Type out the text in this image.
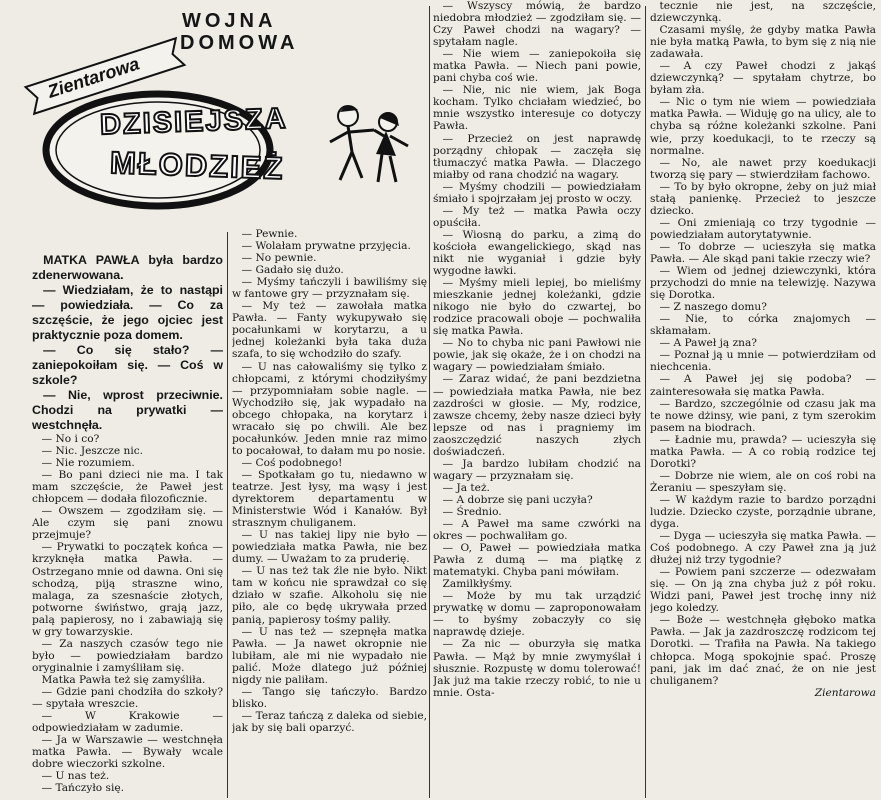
WOJNA
DOMOWA
Zientarowa
DZISIEJSZA
MŁODZIEŻ

MATKA PAWŁA była bardzo zdenerwowana.

— Wiedziałam, że to nastąpi — powiedziała. — Co za szczęście, że jego ojciec jest praktycznie poza domem.

— Co się stało? — zaniepokoiłam się. — Coś w szkole?

— Nie, wprost przeciwnie. Chodzi na prywatki — westchnęła.

— No i co?

— Nic. Jeszcze nic.

— Nie rozumiem.

— Bo pani dzieci nie ma. I tak mam szczęście, że Paweł jest chłopcem — dodała filozoficznie.

— Owszem — zgodziłam się. — Ale czym się pani znowu przejmuje?

— Prywatki to początek końca — krzyknęła matka Pawła. — Ostrzegano mnie od dawna. Oni się schodzą, piją straszne wino, malaga, za szesnaście złotych, potworne świństwo, grają jazz, palą papierosy, no i zabawiają się w gry towarzyskie.

— Za naszych czasów tego nie było — powiedziałam bardzo oryginalnie i zamyśliłam się.

Matka Pawła też się zamyśliła.

— Gdzie pani chodziła do szkoły? — spytała wreszcie.

— W Krakowie — odpowiedziałam w zadumie.

— Ja w Warszawie — westchnęła matka Pawła. — Bywały wcale dobre wieczorki szkolne.

— U nas też.

— Tańczyło się.

— Pewnie.

— Wolałam prywatne przyjęcia.

— No pewnie.

— Gadało się dużo.

— Myśmy tańczyli i bawiliśmy się w fantowe gry — przyznałam się.

— My też — zawołała matka Pawła. — Fanty wykupywało się pocałunkami w korytarzu, a u jednej koleżanki była taka duża szafa, to się wchodziło do szafy.

— U nas całowaliśmy się tylko z chłopcami, z którymi chodziłyśmy — przypomniałam sobie nagle. — Wychodziło się, jak wypadało na obcego chłopaka, na korytarz i wracało się po chwili. Ale bez pocałunków. Jeden mnie raz mimo to pocałował, to dałam mu po nosie.

— Coś podobnego!

— Spotkałam go tu, niedawno w teatrze. Jest łysy, ma wąsy i jest dyrektorem departamentu w Ministerstwie Wód i Kanałów. Był strasznym chuliganem.

— U nas takiej lipy nie było — powiedziała matka Pawła, nie bez dumy. — Uważam to za pruderię.

— U nas też tak źle nie było. Nikt tam w końcu nie sprawdzał co się działo w szafie. Alkoholu się nie piło, ale co będę ukrywała przed panią, papierosy tośmy paliły.

— U nas też — szepnęła matka Pawła. — Ja nawet okropnie nie lubiłam, ale mi nie wypadało nie palić. Może dlatego już później nigdy nie paliłam.

— Tango się tańczyło. Bardzo blisko.

— Teraz tańczą z daleka od siebie, jak by się bali oparzyć.

— Wszyscy mówią, że bardzo niedobra młodzież — zgodziłam się. — Czy Paweł chodzi na wagary? — spytałam nagle.

— Nie wiem — zaniepokoiła się matka Pawła. — Niech pani powie, pani chyba coś wie.

— Nie, nic nie wiem, jak Boga kocham. Tylko chciałam wiedzieć, bo mnie wszystko interesuje co dotyczy Pawła.

— Przecież on jest naprawdę porządny chłopak — zaczęła się tłumaczyć matka Pawła. — Dlaczego miałby od rana chodzić na wagary.

— Myśmy chodzili — powiedziałam śmiało i spojrzałam jej prosto w oczy.

— My też — matka Pawła oczy opuściła.

— Wiosną do parku, a zimą do kościoła ewangelickiego, skąd nas nikt nie wyganiał i gdzie były wygodne ławki.

— Myśmy mieli lepiej, bo mieliśmy mieszkanie jednej koleżanki, gdzie nikogo nie było do czwartej, bo rodzice pracowali oboje — pochwaliła się matka Pawła.

— No to chyba nic pani Pawłowi nie powie, jak się okaże, że i on chodzi na wagary — powiedziałam śmiało.

— Zaraz widać, że pani bezdzietna — powiedziała matka Pawła, nie bez zazdrości w głosie. — My, rodzice, zawsze chcemy, żeby nasze dzieci były lepsze od nas i pragniemy im zaoszczędzić naszych złych doświadczeń.

— Ja bardzo lubiłam chodzić na wagary — przyznałam się.

— Ja też.

— A dobrze się pani uczyła?

— Średnio.

— A Paweł ma same czwórki na okres — pochwaliłam go.

— O, Paweł — powiedziała matka Pawła z dumą — ma piątkę z matematyki. Chyba pani mówiłam.

Zamilkłyśmy.

— Może by mu tak urządzić prywatkę w domu — zaproponowałam — to byśmy zobaczyły co się naprawdę dzieje.

— Za nic — oburzyła się matka Pawła. — Mąż by mnie zwymyślał i słusznie. Rozpustę w domu tolerować! Jak już ma takie rzeczy robić, to nie u mnie. Osta-

tecznie nie jest, na szczęście, dziewczynką.

Czasami myślę, że gdyby matka Pawła nie była matką Pawła, to bym się z nią nie zadawała.

— A czy Paweł chodzi z jakąś dziewczynką? — spytałam chytrze, bo byłam zła.

— Nic o tym nie wiem — powiedziała matka Pawła. — Widuję go na ulicy, ale to chyba są różne koleżanki szkolne. Pani wie, przy koedukacji, to te rzeczy są normalne.

— No, ale nawet przy koedukacji tworzą się pary — stwierdziłam fachowo.

— To by było okropne, żeby on już miał stałą panienkę. Przecież to jeszcze dziecko.

— Oni zmieniają co trzy tygodnie — powiedziałam autorytatywnie.

— To dobrze — ucieszyła się matka Pawła. — Ale skąd pani takie rzeczy wie?

— Wiem od jednej dziewczynki, która przychodzi do mnie na telewizję. Nazywa się Dorotka.

— Z naszego domu?

— Nie, to córka znajomych — skłamałam.

— A Paweł ją zna?

— Poznał ją u mnie — potwierdziłam od niechcenia.

— A Paweł jej się podoba? — zainteresowała się matka Pawła.

— Bardzo, szczególnie od czasu jak ma te nowe dżinsy, wie pani, z tym szerokim pasem na biodrach.

— Ładnie mu, prawda? — ucieszyła się matka Pawła. — A co robią rodzice tej Dorotki?

— Dobrze nie wiem, ale on coś robi na Żeraniu — speszyłam się.

— W każdym razie to bardzo porządni ludzie. Dziecko czyste, porządnie ubrane, dyga.

— Dyga — ucieszyła się matka Pawła. — Coś podobnego. A czy Paweł zna ją już dłużej niż trzy tygodnie?

— Powiem pani szczerze — odezwałam się. — On ją zna chyba już z pół roku. Widzi pani, Paweł jest trochę inny niż jego koledzy.

— Boże — westchnęła głęboko matka Pawła. — Jak ja zazdroszczę rodzicom tej Dorotki. — Trafiła na Pawła. Na takiego chłopca. Mogą spokojnie spać. Proszę pani, jak im dać znać, że on nie jest chuliganem?

Zientarowa
